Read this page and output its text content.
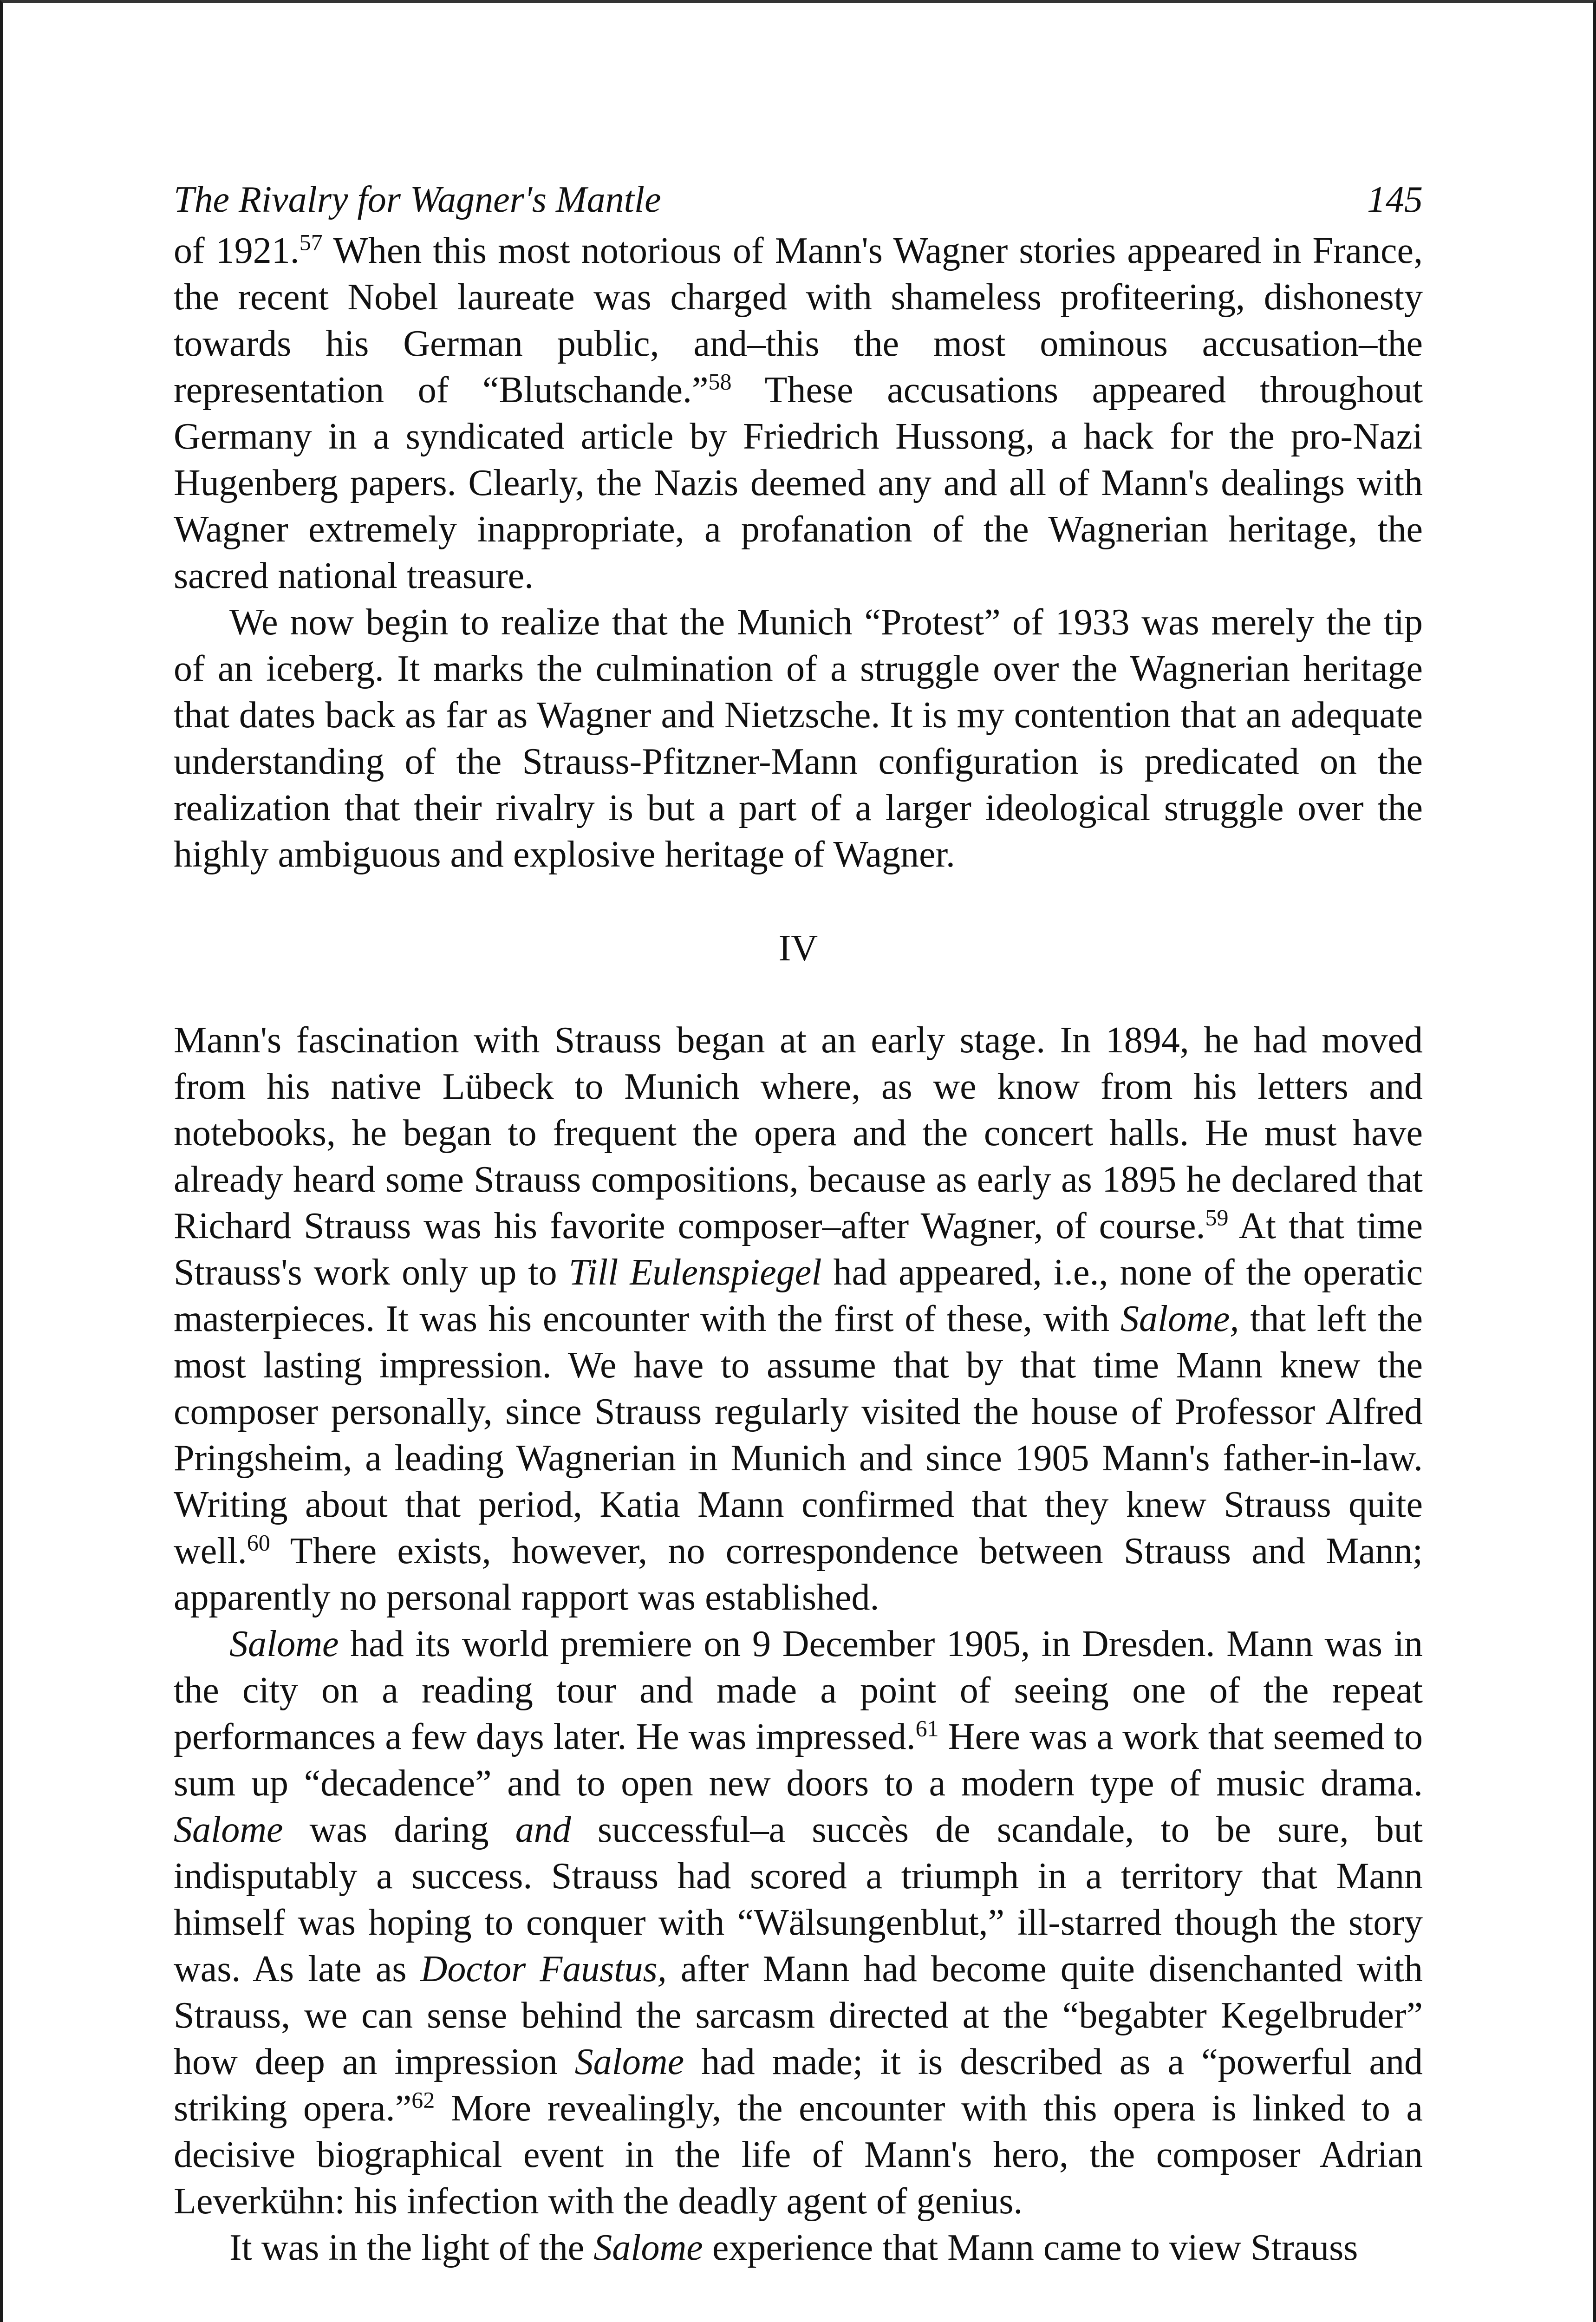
The Rivalry for Wagner's Mantle	145

of 1921.57 When this most notorious of Mann's Wagner stories appeared in France, the recent Nobel laureate was charged with shameless profiteering, dishonesty towards his German public, and–this the most ominous accusation–the representation of “Blutschande.”$^{58}$ These accusations appeared throughout Germany in a syndicated article by Friedrich Hussong, a hack for the pro-Nazi Hugenberg papers. Clearly, the Nazis deemed any and all of Mann's dealings with Wagner extremely inappropriate, a profanation of the Wagnerian heritage, the sacred national treasure.

We now begin to realize that the Munich “Protest” of 1933 was merely the tip of an iceberg. It marks the culmination of a struggle over the Wagnerian heritage that dates back as far as Wagner and Nietzsche. It is my contention that an adequate understanding of the Strauss-Pfitzner-Mann configuration is predicated on the realization that their rivalry is but a part of a larger ideological struggle over the highly ambiguous and explosive heritage of Wagner.

IV

Mann's fascination with Strauss began at an early stage. In 1894, he had moved from his native Lübeck to Munich where, as we know from his letters and notebooks, he began to frequent the opera and the concert halls. He must have already heard some Strauss compositions, because as early as 1895 he declared that Richard Strauss was his favorite composer–after Wagner, of course.$^{59}$ At that time Strauss's work only up to Till Eulenspiegel had appeared, i.e., none of the operatic masterpieces. It was his encounter with the first of these, with Salome, that left the most lasting impression. We have to assume that by that time Mann knew the composer personally, since Strauss regularly visited the house of Professor Alfred Pringsheim, a leading Wagnerian in Munich and since 1905 Mann's father-in-law. Writing about that period, Katia Mann confirmed that they knew Strauss quite well.$^{60}$ There exists, however, no correspondence between Strauss and Mann; apparently no personal rapport was established.

Salome had its world premiere on 9 December 1905, in Dresden. Mann was in the city on a reading tour and made a point of seeing one of the repeat performances a few days later. He was impressed.$^{61}$ Here was a work that seemed to sum up “decadence” and to open new doors to a modern type of music drama. Salome was daring and successful–a succès de scandale, to be sure, but indisputably a success. Strauss had scored a triumph in a territory that Mann himself was hoping to conquer with “Wälsungenblut,” ill-starred though the story was. As late as Doctor Faustus, after Mann had become quite disenchanted with Strauss, we can sense behind the sarcasm directed at the “begabter Kegelbruder” how deep an impression Salome had made; it is described as a “powerful and striking opera.”$^{62}$ More revealingly, the encounter with this opera is linked to a decisive biographical event in the life of Mann's hero, the composer Adrian Leverkühn: his infection with the deadly agent of genius.

It was in the light of the Salome experience that Mann came to view Strauss
